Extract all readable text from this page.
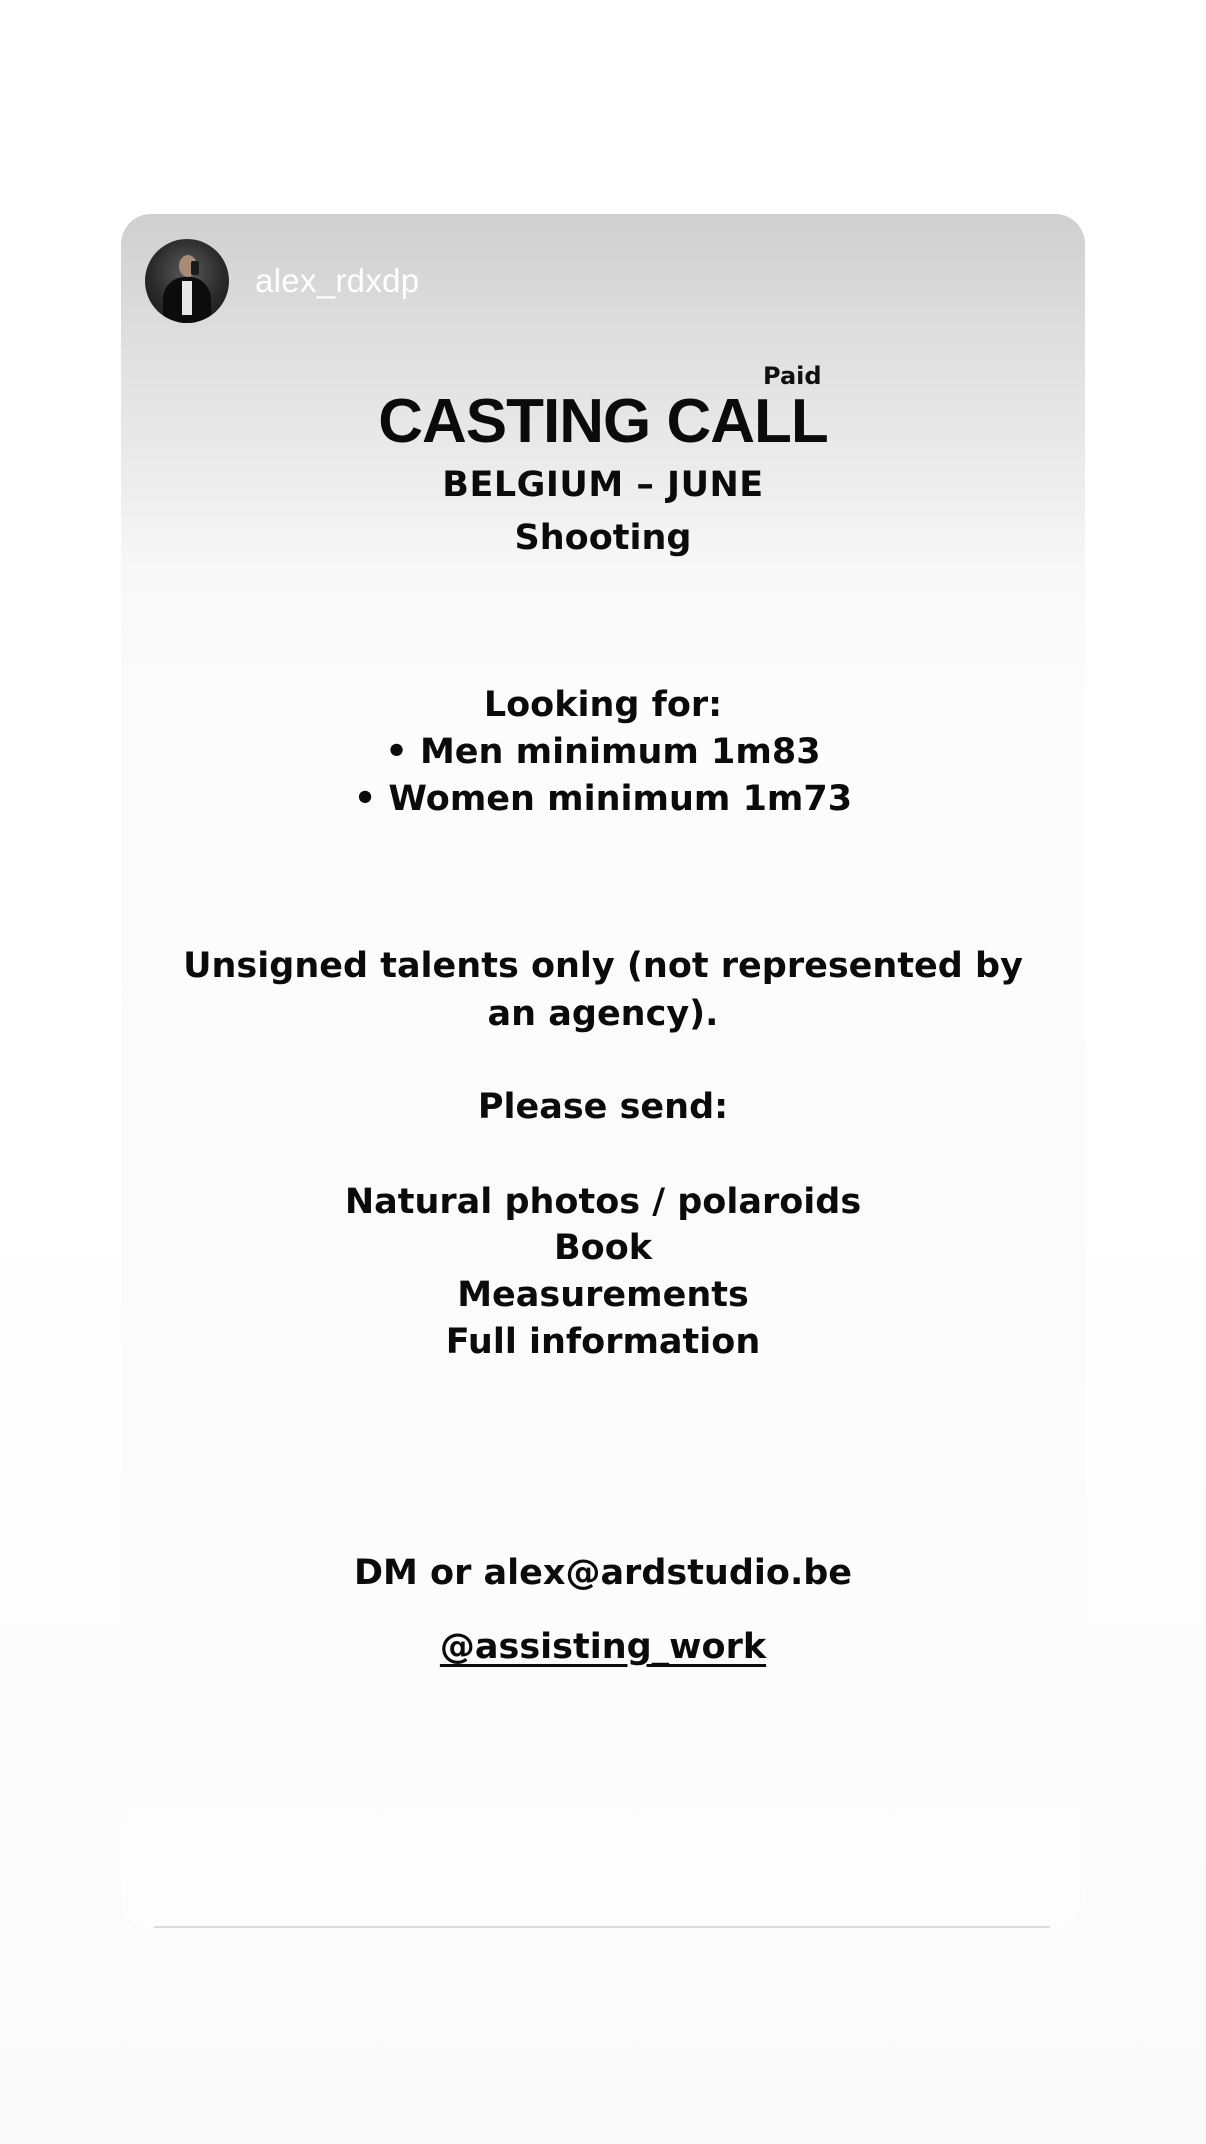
alex_rdxdp
Paid
CASTING CALL
BELGIUM – JUNE
Shooting
Looking for:
• Men minimum 1m83
• Women minimum 1m73
Unsigned talents only (not represented by
an agency).
Please send:
Natural photos / polaroids
Book
Measurements
Full information
DM or alex@ardstudio.be
@assisting_work
